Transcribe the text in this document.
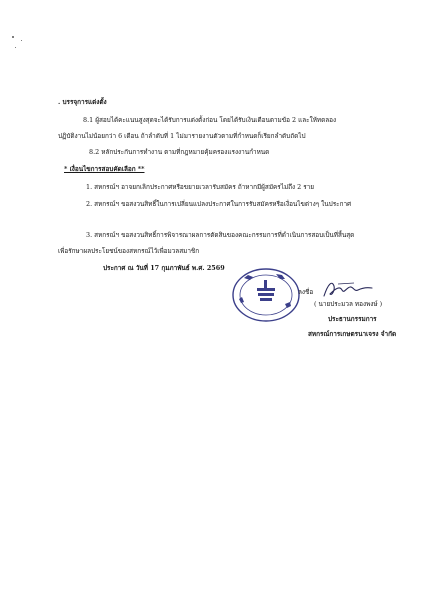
. บรรจุการแต่งตั้ง
8.1 ผู้สอบได้คะแนนสูงสุดจะได้รับการแต่งตั้งก่อน โดยได้รับเงินเดือนตามข้อ 2 และให้ทดลอง
ปฏิบัติงานไม่น้อยกว่า 6 เดือน ถ้าลำดับที่ 1 ไม่มารายงานตัวตามที่กำหนดก็เรียกลำดับถัดไป
8.2 หลักประกันการทำงาน ตามที่กฎหมายคุ้มครองแรงงานกำหนด
* เงื่อนไขการสอบคัดเลือก **
1. สหกรณ์ฯ อาจยกเลิกประกาศหรือขยายเวลารับสมัคร ถ้าหากมีผู้สมัครไม่ถึง 2 ราย
2. สหกรณ์ฯ ขอสงวนสิทธิ์ในการเปลี่ยนแปลงประกาศในการรับสมัครหรือเงื่อนไขต่างๆ ในประกาศ
3. สหกรณ์ฯ ขอสงวนสิทธิ์การพิจารณาผลการตัดสินของคณะกรรมการที่ดำเนินการสอบเป็นที่สิ้นสุด
เพื่อรักษาผลประโยชน์ของสหกรณ์ไว้เพื่อมวลสมาชิก
ประกาศ ณ วันที่ 17 กุมภาพันธ์ พ.ศ. 2569
ลงชื่อ
( นายประมวล ทองพงษ์ )
ประธานกรรมการ
สหกรณ์การเกษตรนาเจรง จำกัด
